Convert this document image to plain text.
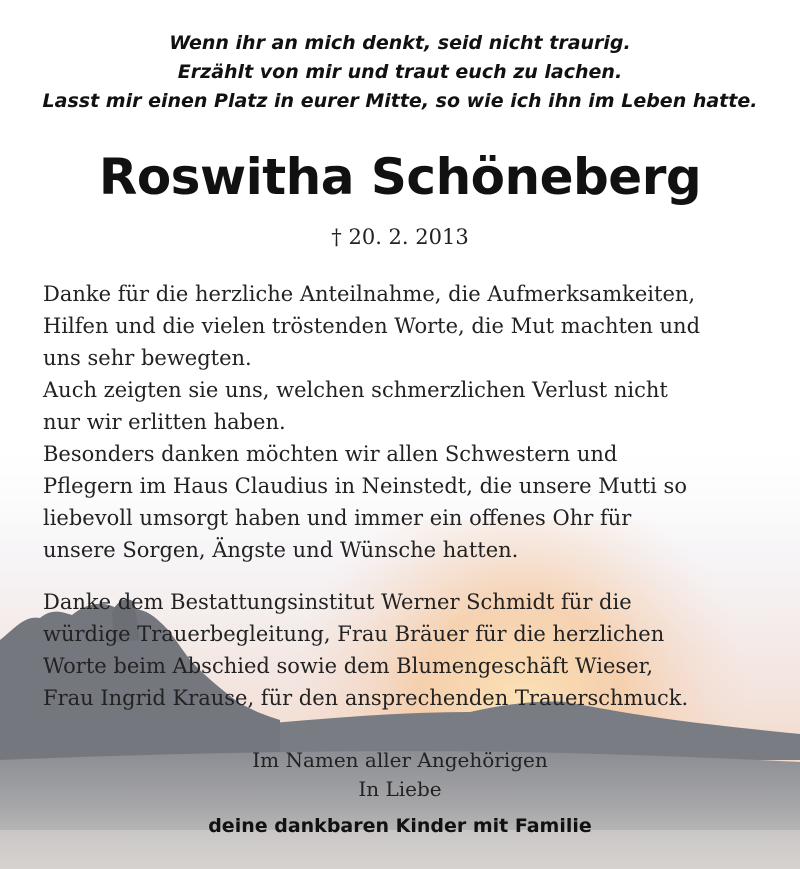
Wenn ihr an mich denkt, seid nicht traurig.
Erzählt von mir und traut euch zu lachen.
Lasst mir einen Platz in eurer Mitte, so wie ich ihn im Leben hatte.
Roswitha Schöneberg
† 20. 2. 2013
Danke für die herzliche Anteilnahme, die Aufmerksamkeiten,
Hilfen und die vielen tröstenden Worte, die Mut machten und
uns sehr bewegten.
Auch zeigten sie uns, welchen schmerzlichen Verlust nicht
nur wir erlitten haben.
Besonders danken möchten wir allen Schwestern und
Pflegern im Haus Claudius in Neinstedt, die unsere Mutti so
liebevoll umsorgt haben und immer ein offenes Ohr für
unsere Sorgen, Ängste und Wünsche hatten.
Danke dem Bestattungsinstitut Werner Schmidt für die
würdige Trauerbegleitung, Frau Bräuer für die herzlichen
Worte beim Abschied sowie dem Blumengeschäft Wieser,
Frau Ingrid Krause, für den ansprechenden Trauerschmuck.
Im Namen aller Angehörigen
In Liebe
deine dankbaren Kinder mit Familie
